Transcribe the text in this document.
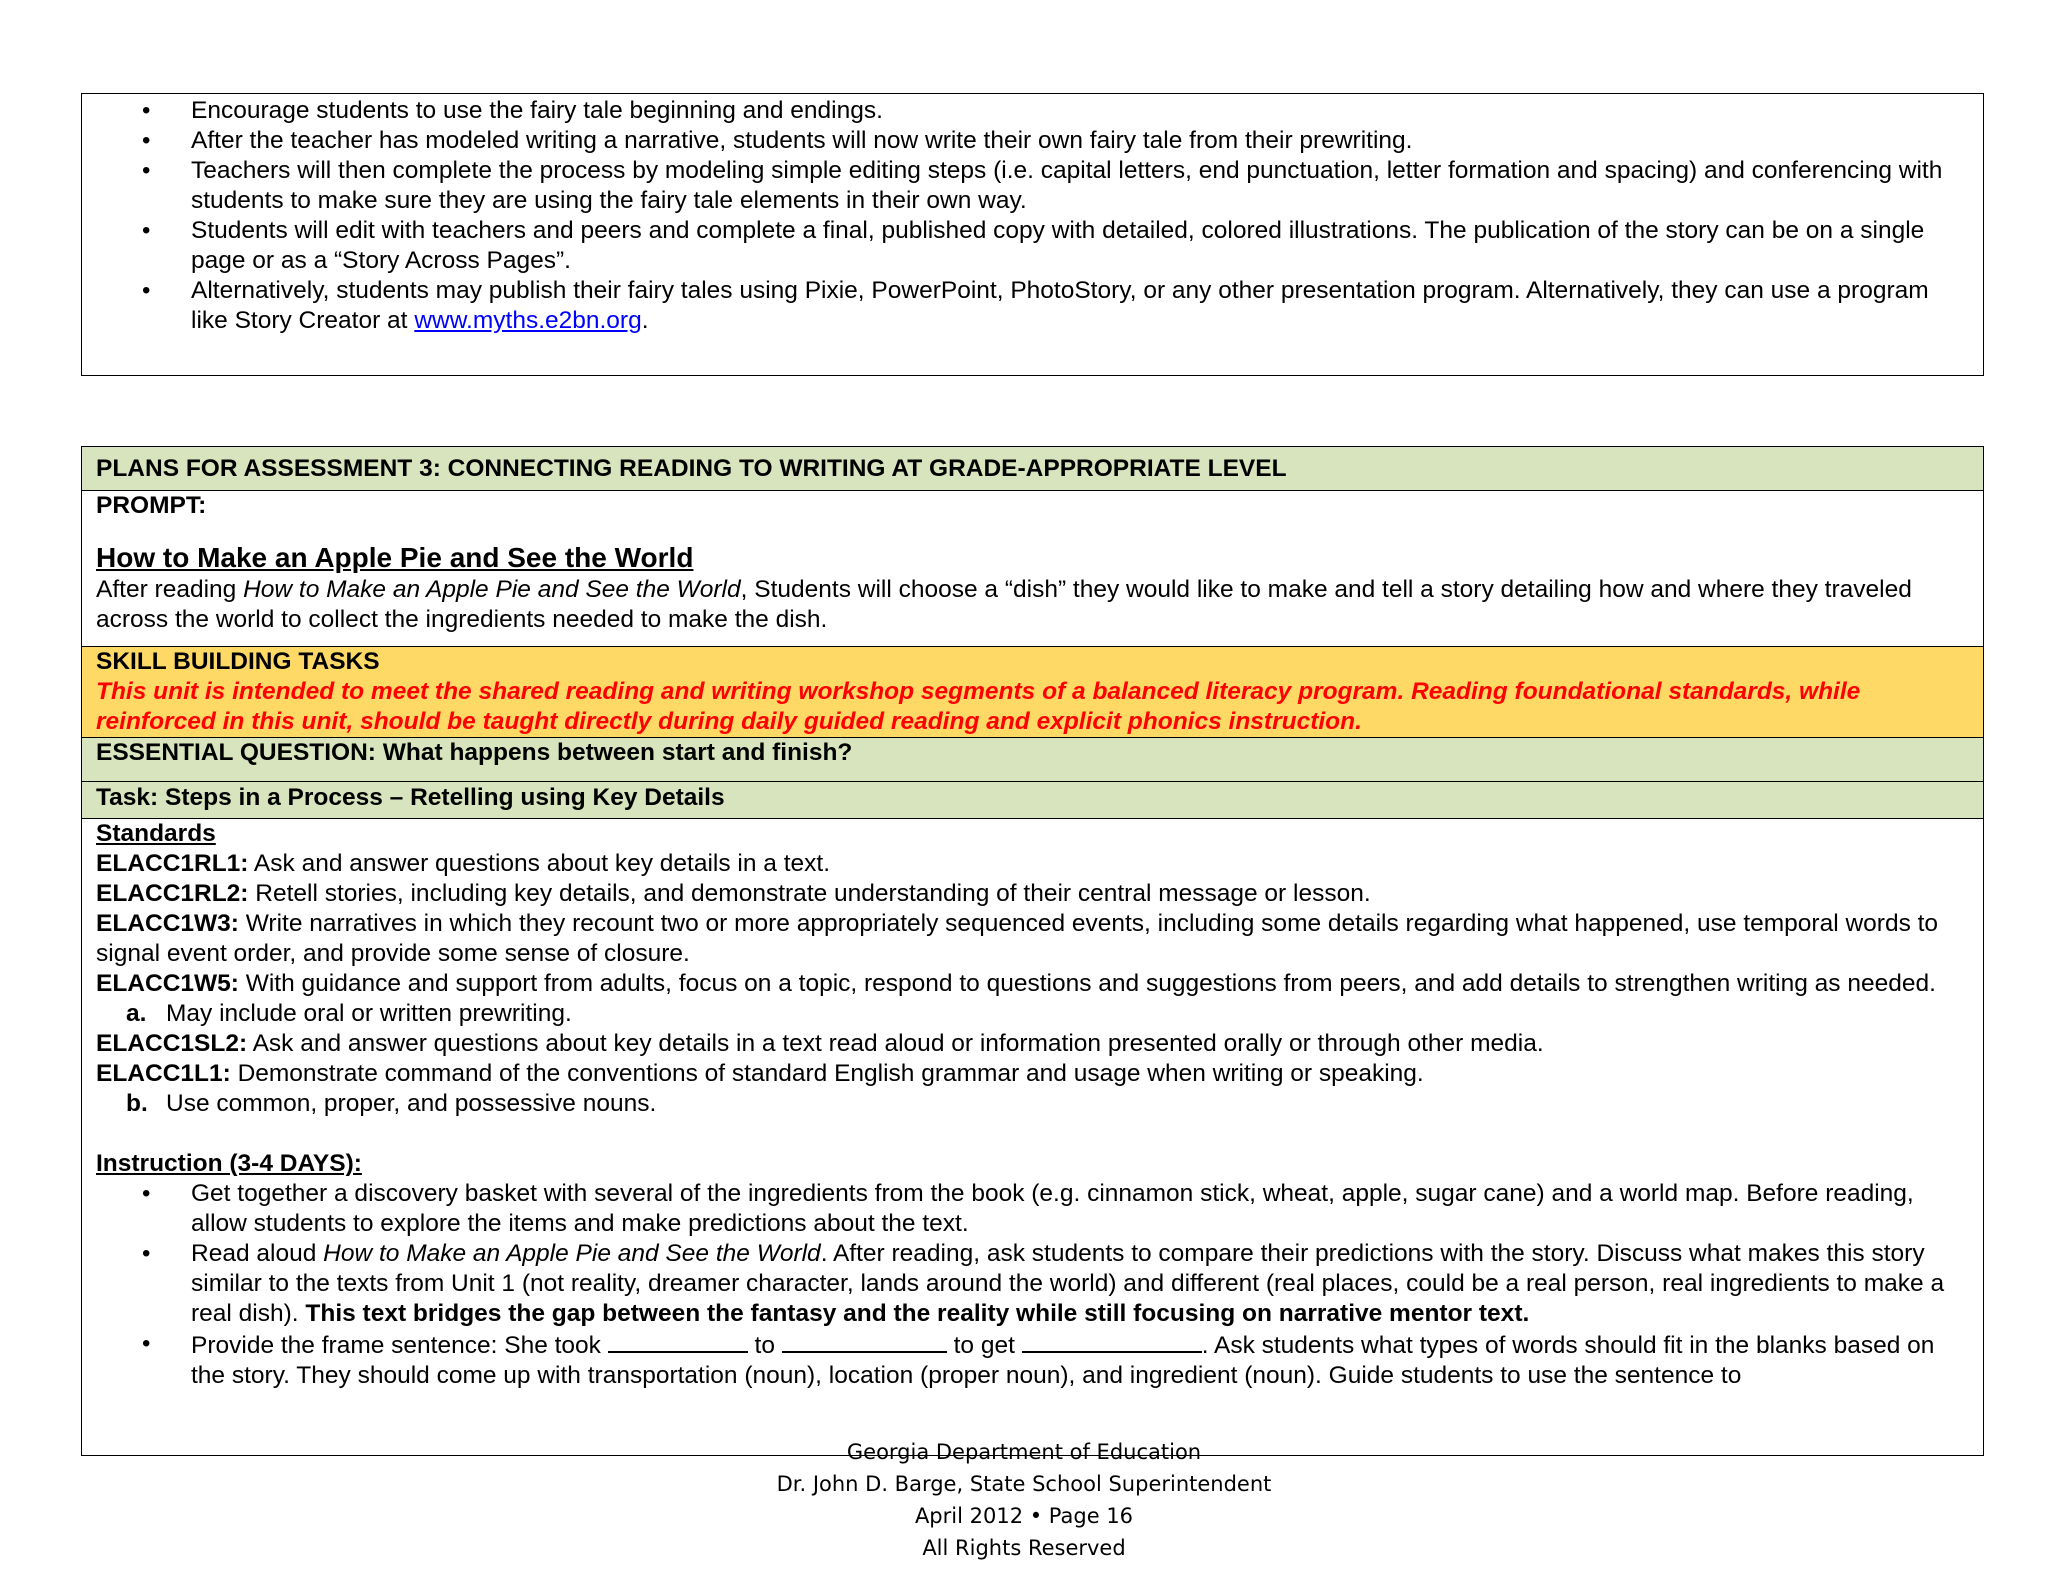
• Encourage students to use the fairy tale beginning and endings.
• After the teacher has modeled writing a narrative, students will now write their own fairy tale from their prewriting.
• Teachers will then complete the process by modeling simple editing steps (i.e. capital letters, end punctuation, letter formation and spacing) and conferencing with students to make sure they are using the fairy tale elements in their own way.
• Students will edit with teachers and peers and complete a final, published copy with detailed, colored illustrations. The publication of the story can be on a single page or as a “Story Across Pages”.
• Alternatively, students may publish their fairy tales using Pixie, PowerPoint, PhotoStory, or any other presentation program. Alternatively, they can use a program like Story Creator at www.myths.e2bn.org.
PLANS FOR ASSESSMENT 3: CONNECTING READING TO WRITING AT GRADE-APPROPRIATE LEVEL
PROMPT:
How to Make an Apple Pie and See the World
After reading How to Make an Apple Pie and See the World, Students will choose a “dish” they would like to make and tell a story detailing how and where they traveled across the world to collect the ingredients needed to make the dish.
SKILL BUILDING TASKS
This unit is intended to meet the shared reading and writing workshop segments of a balanced literacy program. Reading foundational standards, while reinforced in this unit, should be taught directly during daily guided reading and explicit phonics instruction.
ESSENTIAL QUESTION: What happens between start and finish?
Task: Steps in a Process – Retelling using Key Details
Standards
ELACC1RL1: Ask and answer questions about key details in a text.
ELACC1RL2: Retell stories, including key details, and demonstrate understanding of their central message or lesson.
ELACC1W3: Write narratives in which they recount two or more appropriately sequenced events, including some details regarding what happened, use temporal words to signal event order, and provide some sense of closure.
ELACC1W5: With guidance and support from adults, focus on a topic, respond to questions and suggestions from peers, and add details to strengthen writing as needed.
a. May include oral or written prewriting.
ELACC1SL2: Ask and answer questions about key details in a text read aloud or information presented orally or through other media.
ELACC1L1: Demonstrate command of the conventions of standard English grammar and usage when writing or speaking.
b. Use common, proper, and possessive nouns.
Instruction (3-4 DAYS):
• Get together a discovery basket with several of the ingredients from the book (e.g. cinnamon stick, wheat, apple, sugar cane) and a world map. Before reading, allow students to explore the items and make predictions about the text.
• Read aloud How to Make an Apple Pie and See the World. After reading, ask students to compare their predictions with the story. Discuss what makes this story similar to the texts from Unit 1 (not reality, dreamer character, lands around the world) and different (real places, could be a real person, real ingredients to make a real dish). This text bridges the gap between the fantasy and the reality while still focusing on narrative mentor text.
• Provide the frame sentence: She took	to	to get	. Ask students what types of words should fit in the blanks based on the story. They should come up with transportation (noun), location (proper noun), and ingredient (noun). Guide students to use the sentence to
Georgia Department of Education
Dr. John D. Barge, State School Superintendent
April 2012 • Page 16
All Rights Reserved
